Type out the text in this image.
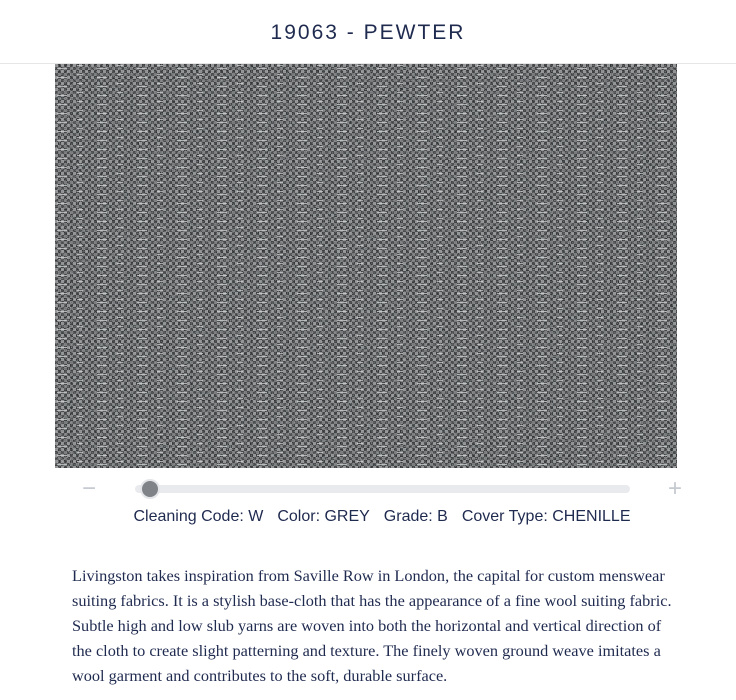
19063 - PEWTER
−	+
Cleaning Code: W Color: GREY Grade: B Cover Type: CHENILLE

Livingston takes inspiration from Saville Row in London, the capital for custom menswear suiting fabrics. It is a stylish base-cloth that has the appearance of a fine wool suiting fabric. Subtle high and low slub yarns are woven into both the horizontal and vertical direction of the cloth to create slight patterning and texture. The finely woven ground weave imitates a wool garment and contributes to the soft, durable surface.
